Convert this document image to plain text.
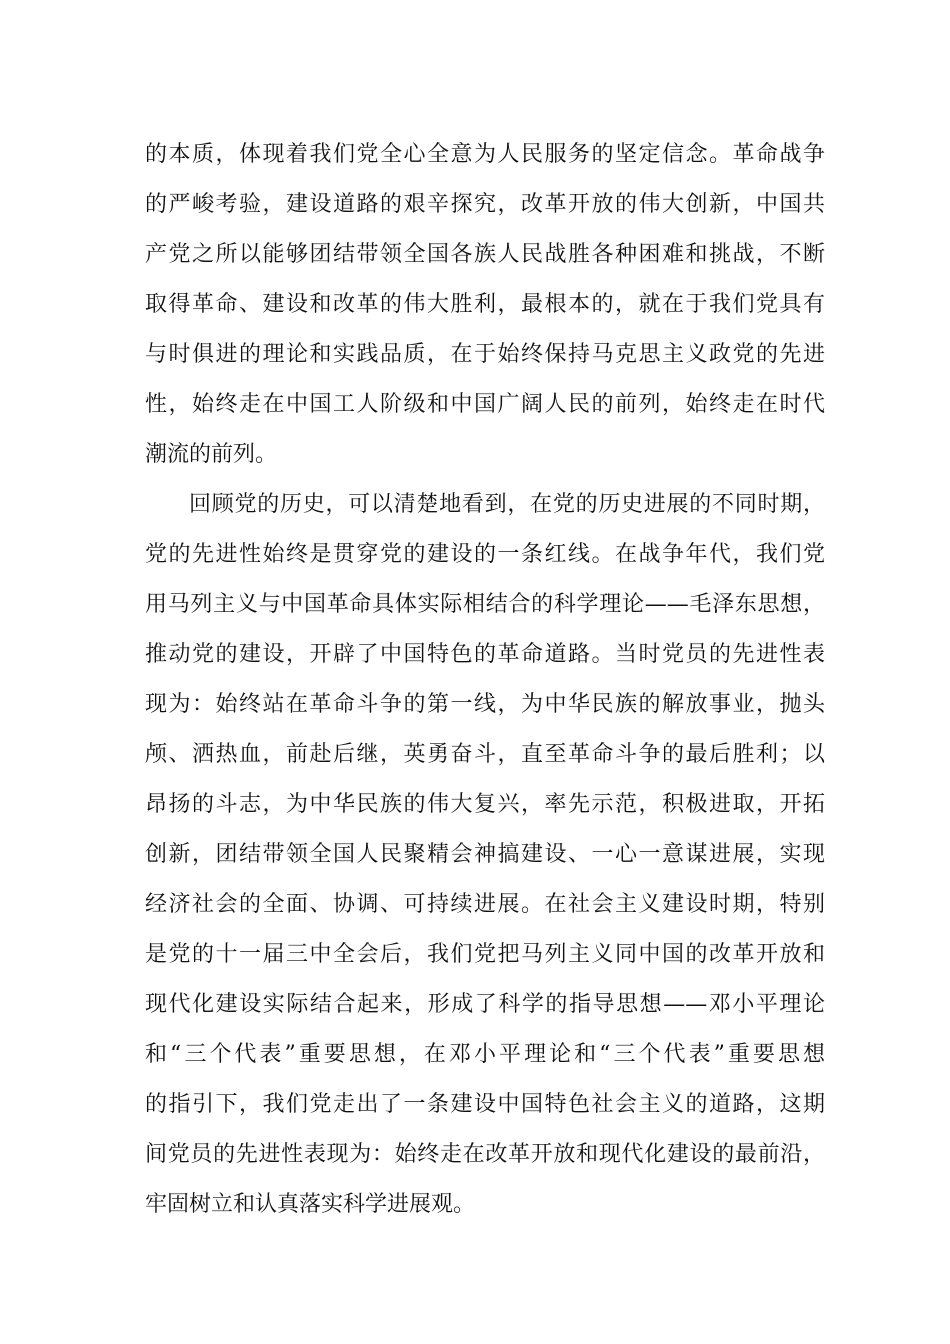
的本质，体现着我们党全心全意为人民服务的坚定信念。革命战争
的严峻考验，建设道路的艰辛探究，改革开放的伟大创新，中国共
产党之所以能够团结带领全国各族人民战胜各种困难和挑战，不断
取得革命、建设和改革的伟大胜利，最根本的，就在于我们党具有
与时俱进的理论和实践品质，在于始终保持马克思主义政党的先进
性，始终走在中国工人阶级和中国广阔人民的前列，始终走在时代
潮流的前列。
回顾党的历史，可以清楚地看到，在党的历史进展的不同时期，
党的先进性始终是贯穿党的建设的一条红线。在战争年代，我们党
用马列主义与中国革命具体实际相结合的科学理论——毛泽东思想，
推动党的建设，开辟了中国特色的革命道路。当时党员的先进性表
现为：始终站在革命斗争的第一线，为中华民族的解放事业，抛头
颅、洒热血，前赴后继，英勇奋斗，直至革命斗争的最后胜利；以
昂扬的斗志，为中华民族的伟大复兴，率先示范，积极进取，开拓
创新，团结带领全国人民聚精会神搞建设、一心一意谋进展，实现
经济社会的全面、协调、可持续进展。在社会主义建设时期，特别
是党的十一届三中全会后，我们党把马列主义同中国的改革开放和
现代化建设实际结合起来，形成了科学的指导思想——邓小平理论
和“三个代表”重要思想，在邓小平理论和“三个代表”重要思想
的指引下，我们党走出了一条建设中国特色社会主义的道路，这期
间党员的先进性表现为：始终走在改革开放和现代化建设的最前沿，
牢固树立和认真落实科学进展观。
